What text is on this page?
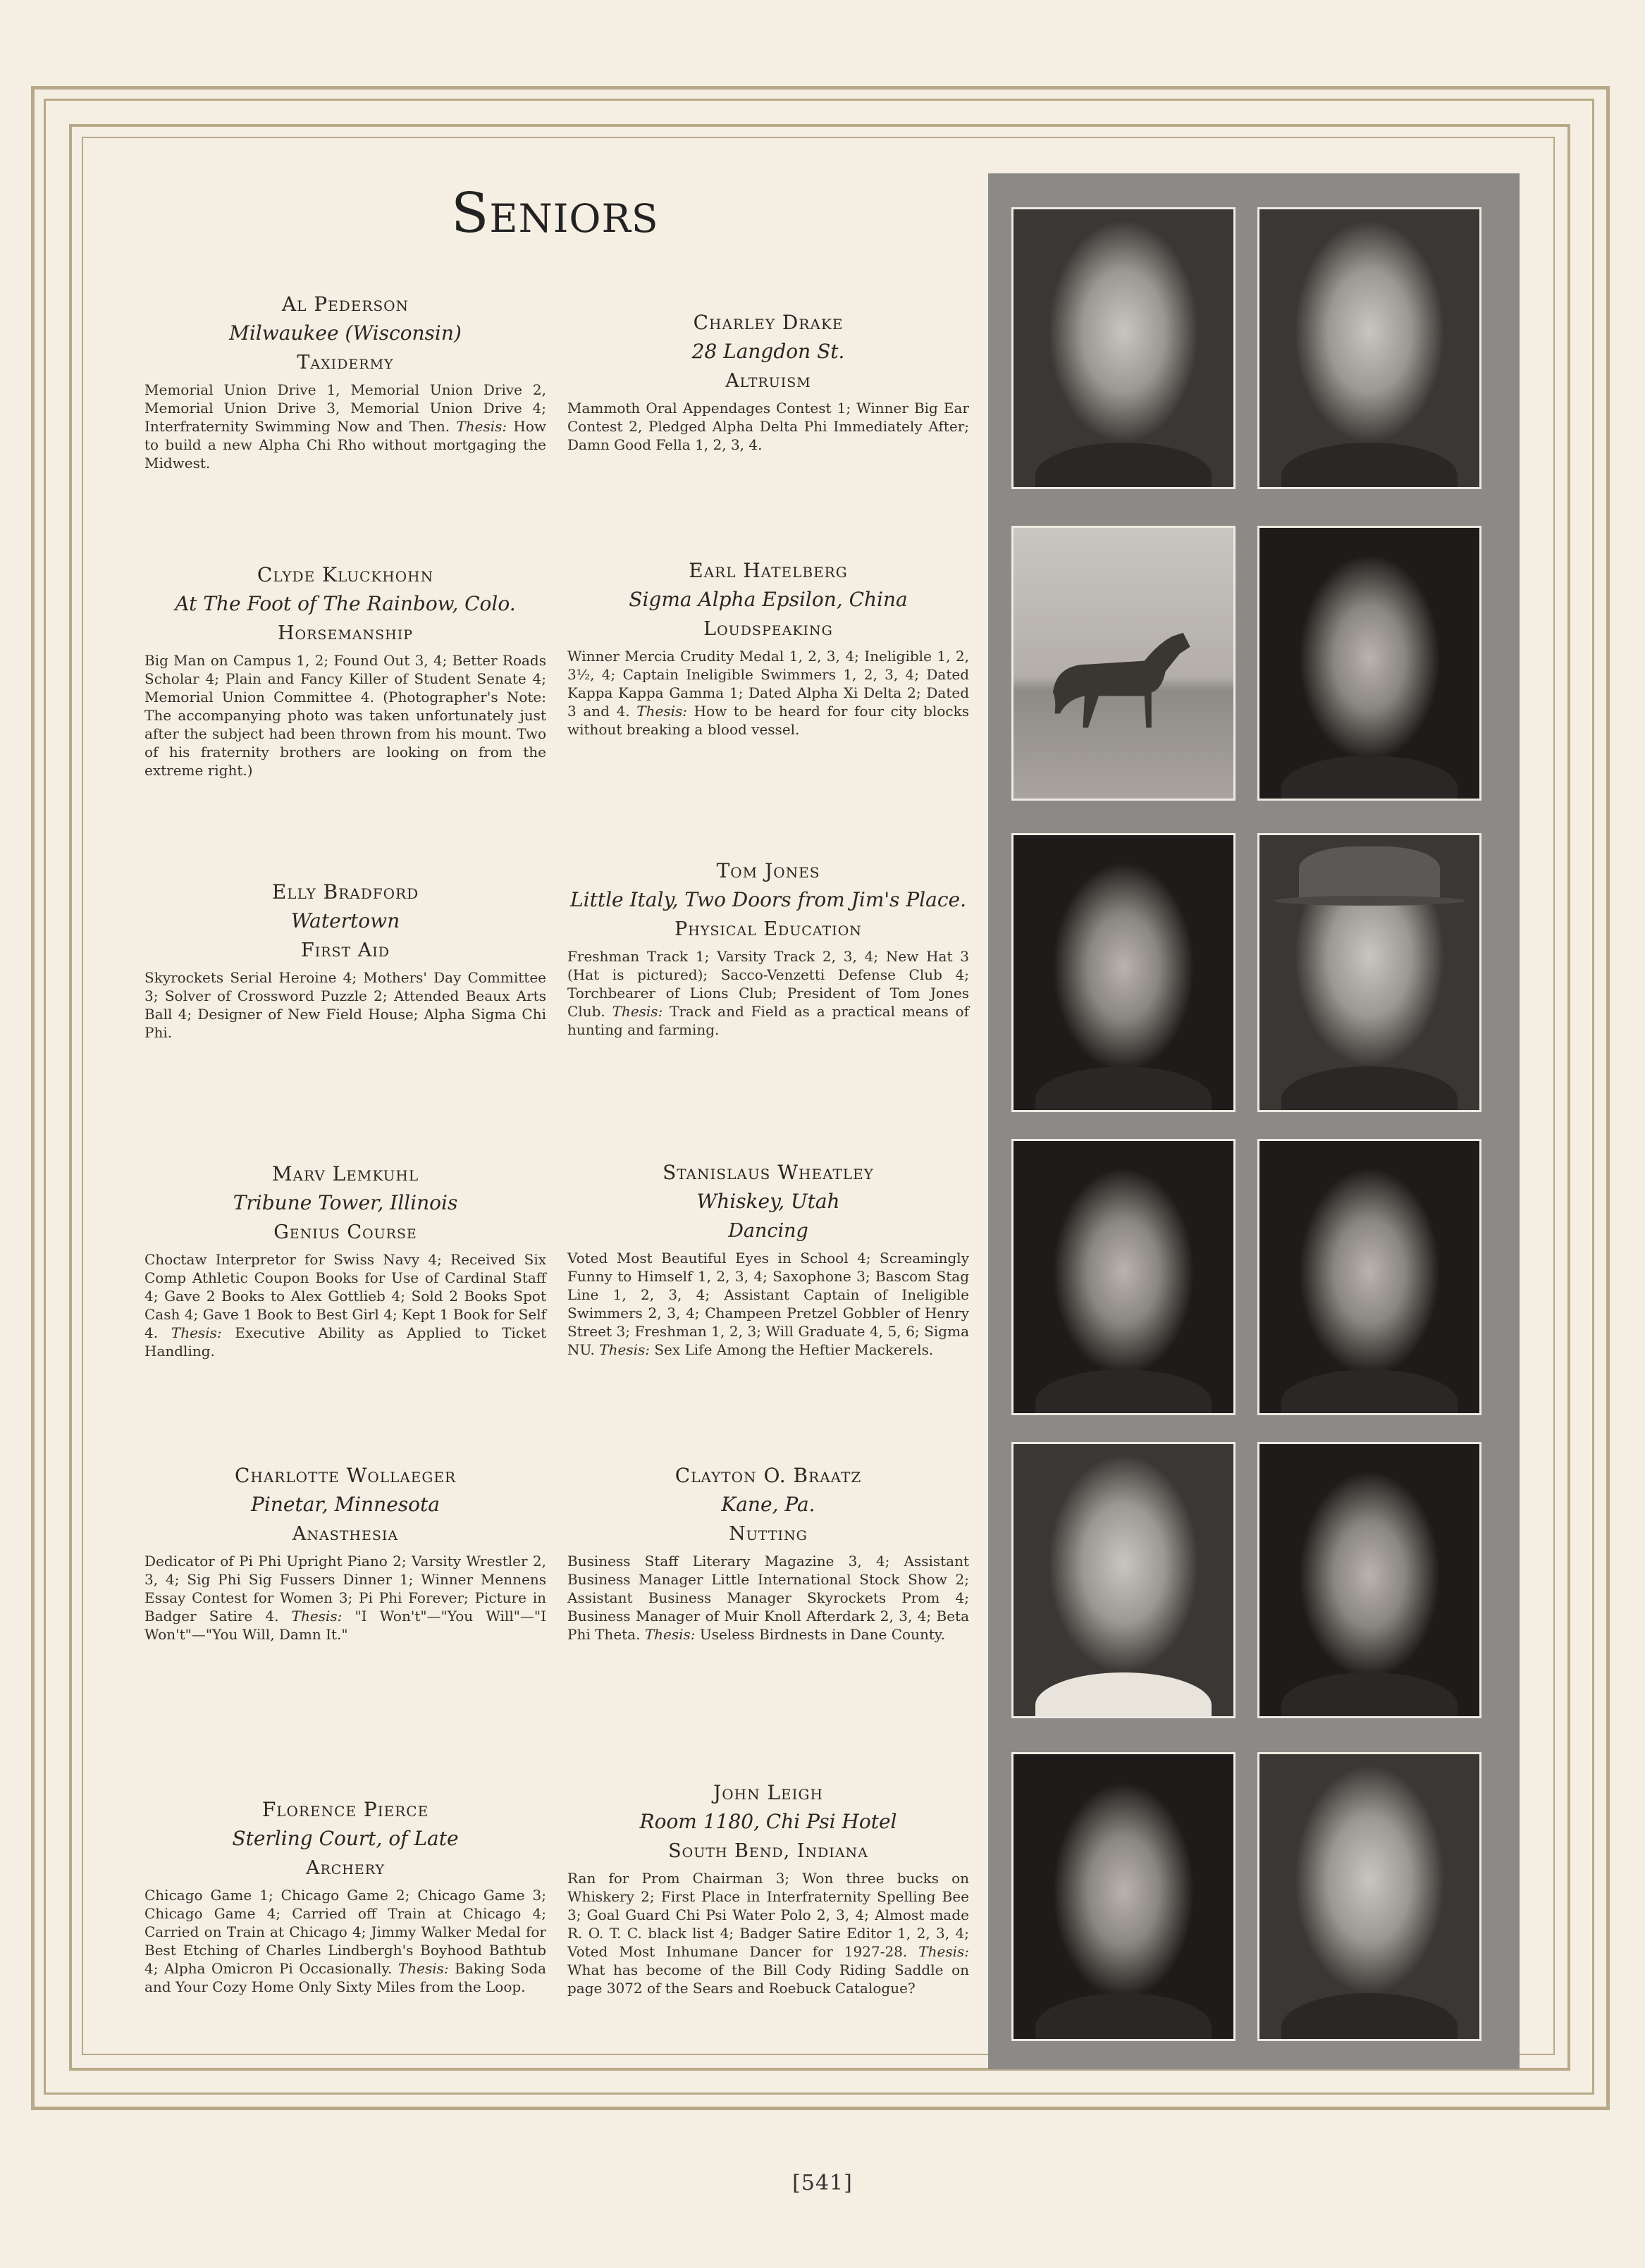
Seniors
Al Pederson
Milwaukee (Wisconsin)
Taxidermy
Memorial Union Drive 1, Memorial Union Drive 2, Memorial Union Drive 3, Memorial Union Drive 4; Interfraternity Swimming Now and Then. Thesis: How to build a new Alpha Chi Rho without mortgaging the Midwest.
Charley Drake
28 Langdon St.
Altruism
Mammoth Oral Appendages Contest 1; Winner Big Ear Contest 2, Pledged Alpha Delta Phi Immediately After; Damn Good Fella 1, 2, 3, 4.
Clyde Kluckhohn
At The Foot of The Rainbow, Colo.
Horsemanship
Big Man on Campus 1, 2; Found Out 3, 4; Better Roads Scholar 4; Plain and Fancy Killer of Student Senate 4; Memorial Union Committee 4. (Photographer's Note: The accompanying photo was taken unfortunately just after the subject had been thrown from his mount. Two of his fraternity brothers are looking on from the extreme right.)
Earl Hatelberg
Sigma Alpha Epsilon, China
Loudspeaking
Winner Mercia Crudity Medal 1, 2, 3, 4; Ineligible 1, 2, 3½, 4; Captain Ineligible Swimmers 1, 2, 3, 4; Dated Kappa Kappa Gamma 1; Dated Alpha Xi Delta 2; Dated 3 and 4. Thesis: How to be heard for four city blocks without breaking a blood vessel.
Elly Bradford
Watertown
First Aid
Skyrockets Serial Heroine 4; Mothers' Day Committee 3; Solver of Crossword Puzzle 2; Attended Beaux Arts Ball 4; Designer of New Field House; Alpha Sigma Chi Phi.
Tom Jones
Little Italy, Two Doors from Jim's Place.
Physical Education
Freshman Track 1; Varsity Track 2, 3, 4; New Hat 3 (Hat is pictured); Sacco-Venzetti Defense Club 4; Torchbearer of Lions Club; President of Tom Jones Club. Thesis: Track and Field as a practical means of hunting and farming.
Marv Lemkuhl
Tribune Tower, Illinois
Genius Course
Choctaw Interpretor for Swiss Navy 4; Received Six Comp Athletic Coupon Books for Use of Cardinal Staff 4; Gave 2 Books to Alex Gottlieb 4; Sold 2 Books Spot Cash 4; Gave 1 Book to Best Girl 4; Kept 1 Book for Self 4. Thesis: Executive Ability as Applied to Ticket Handling.
Stanislaus Wheatley
Whiskey, Utah
Dancing
Voted Most Beautiful Eyes in School 4; Screamingly Funny to Himself 1, 2, 3, 4; Saxophone 3; Bascom Stag Line 1, 2, 3, 4; Assistant Captain of Ineligible Swimmers 2, 3, 4; Champeen Pretzel Gobbler of Henry Street 3; Freshman 1, 2, 3; Will Graduate 4, 5, 6; Sigma NU. Thesis: Sex Life Among the Heftier Mackerels.
Charlotte Wollaeger
Pinetar, Minnesota
Anasthesia
Dedicator of Pi Phi Upright Piano 2; Varsity Wrestler 2, 3, 4; Sig Phi Sig Fussers Dinner 1; Winner Mennens Essay Contest for Women 3; Pi Phi Forever; Picture in Badger Satire 4. Thesis: "I Won't"—"You Will"—"I Won't"—"You Will, Damn It."
Clayton O. Braatz
Kane, Pa.
Nutting
Business Staff Literary Magazine 3, 4; Assistant Business Manager Little International Stock Show 2; Assistant Business Manager Skyrockets Prom 4; Business Manager of Muir Knoll Afterdark 2, 3, 4; Beta Phi Theta. Thesis: Useless Birdnests in Dane County.
Florence Pierce
Sterling Court, of Late
Archery
Chicago Game 1; Chicago Game 2; Chicago Game 3; Chicago Game 4; Carried off Train at Chicago 4; Carried on Train at Chicago 4; Jimmy Walker Medal for Best Etching of Charles Lindbergh's Boyhood Bathtub 4; Alpha Omicron Pi Occasionally. Thesis: Baking Soda and Your Cozy Home Only Sixty Miles from the Loop.
John Leigh
Room 1180, Chi Psi Hotel
South Bend, Indiana
Ran for Prom Chairman 3; Won three bucks on Whiskery 2; First Place in Interfraternity Spelling Bee 3; Goal Guard Chi Psi Water Polo 2, 3, 4; Almost made R. O. T. C. black list 4; Badger Satire Editor 1, 2, 3, 4; Voted Most Inhumane Dancer for 1927-28. Thesis: What has become of the Bill Cody Riding Saddle on page 3072 of the Sears and Roebuck Catalogue?
[541]
